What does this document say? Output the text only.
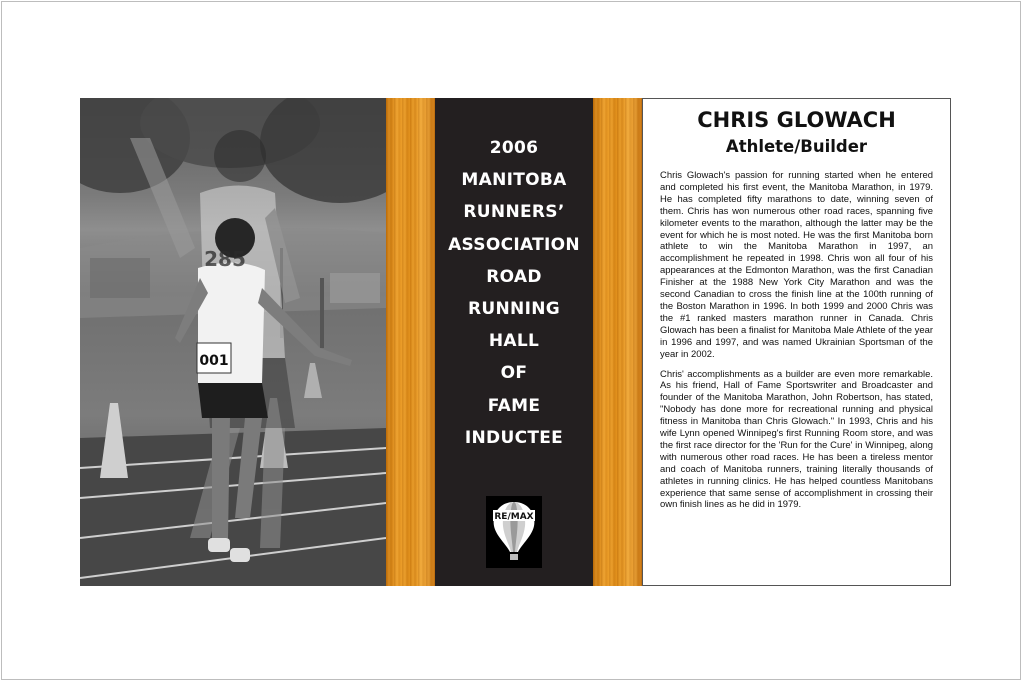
001
285
2006
MANITOBA
RUNNERS’
ASSOCIATION
ROAD
RUNNING
HALL
OF
FAME
INDUCTEE
RE/MAX
CHRIS GLOWACH
Athlete/Builder

Chris Glowach's passion for running started when he entered and completed his first event, the Manitoba Marathon, in 1979. He has completed fifty marathons to date, winning seven of them. Chris has won numerous other road races, spanning five kilometer events to the marathon, although the latter may be the event for which he is most noted. He was the first Manitoba born athlete to win the Manitoba Marathon in 1997, an accomplishment he repeated in 1998. Chris won all four of his appearances at the Edmonton Marathon, was the first Canadian Finisher at the 1988 New York City Marathon and was the second Canadian to cross the finish line at the 100th running of the Boston Marathon in 1996. In both 1999 and 2000 Chris was the #1 ranked masters marathon runner in Canada. Chris Glowach has been a finalist for Manitoba Male Athlete of the year in 1996 and 1997, and was named Ukrainian Sportsman of the year in 2002.

Chris' accomplishments as a builder are even more remarkable. As his friend, Hall of Fame Sportswriter and Broadcaster and founder of the Manitoba Marathon, John Robertson, has stated, "Nobody has done more for recreational running and physical fitness in Manitoba than Chris Glowach." In 1993, Chris and his wife Lynn opened Winnipeg's first Running Room store, and was the first race director for the 'Run for the Cure' in Winnipeg, along with numerous other road races. He has been a tireless mentor and coach of Manitoba runners, training literally thousands of athletes in running clinics. He has helped countless Manitobans experience that same sense of accomplishment in crossing their own finish lines as he did in 1979.
